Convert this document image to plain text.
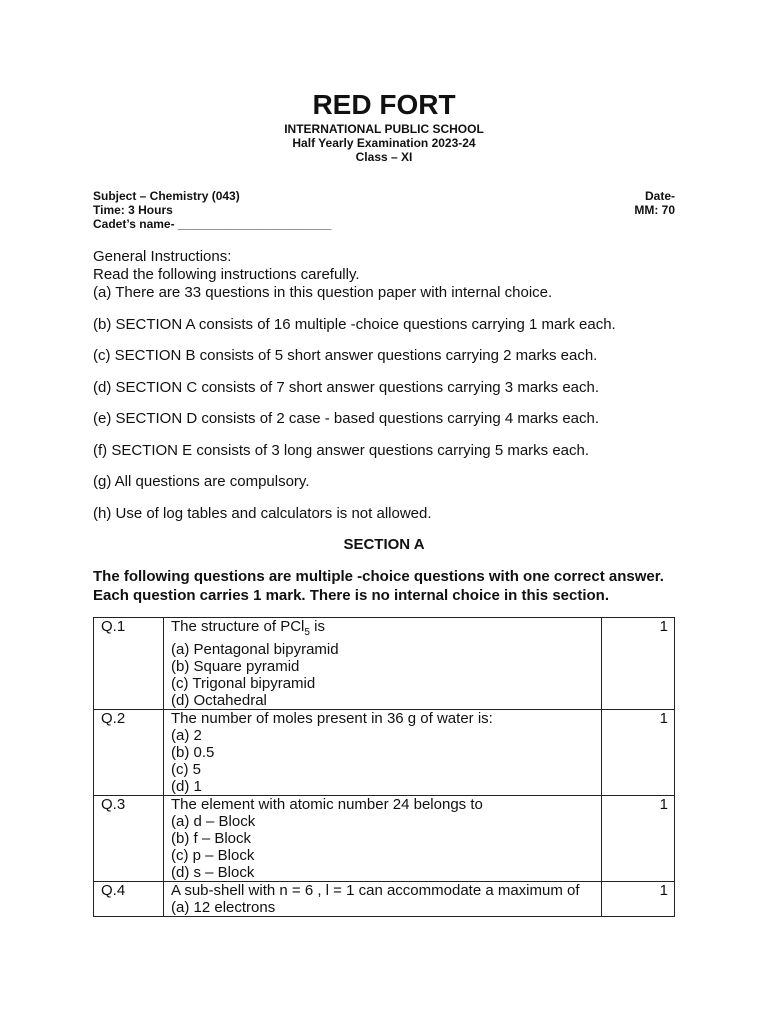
RED FORT
INTERNATIONAL PUBLIC SCHOOL
Half Yearly Examination 2023-24
Class – XI
Subject – Chemistry (043)	Date-
Time: 3 Hours	MM: 70
Cadet’s name- _______________________
General Instructions:
Read the following instructions carefully.
(a) There are 33 questions in this question paper with internal choice.
(b) SECTION A consists of 16 multiple -choice questions carrying 1 mark each.
(c) SECTION B consists of 5 short answer questions carrying 2 marks each.
(d) SECTION C consists of 7 short answer questions carrying 3 marks each.
(e) SECTION D consists of 2 case - based questions carrying 4 marks each.
(f) SECTION E consists of 3 long answer questions carrying 5 marks each.
(g) All questions are compulsory.
(h) Use of log tables and calculators is not allowed.
SECTION A
The following questions are multiple -choice questions with one correct answer. Each question carries 1 mark. There is no internal choice in this section.
Q.1	The structure of PCl$_5$ is
(a) Pentagonal bipyramid
(b) Square pyramid
(c) Trigonal bipyramid
(d) Octahedral	1
Q.2	The number of moles present in 36 g of water is:
(a) 2
(b) 0.5
(c) 5
(d) 1	1
Q.3	The element with atomic number 24 belongs to
(a) d – Block
(b) f – Block
(c) p – Block
(d) s – Block	1
Q.4	A sub-shell with n = 6 , l = 1 can accommodate a maximum of
(a) 12 electrons	1
